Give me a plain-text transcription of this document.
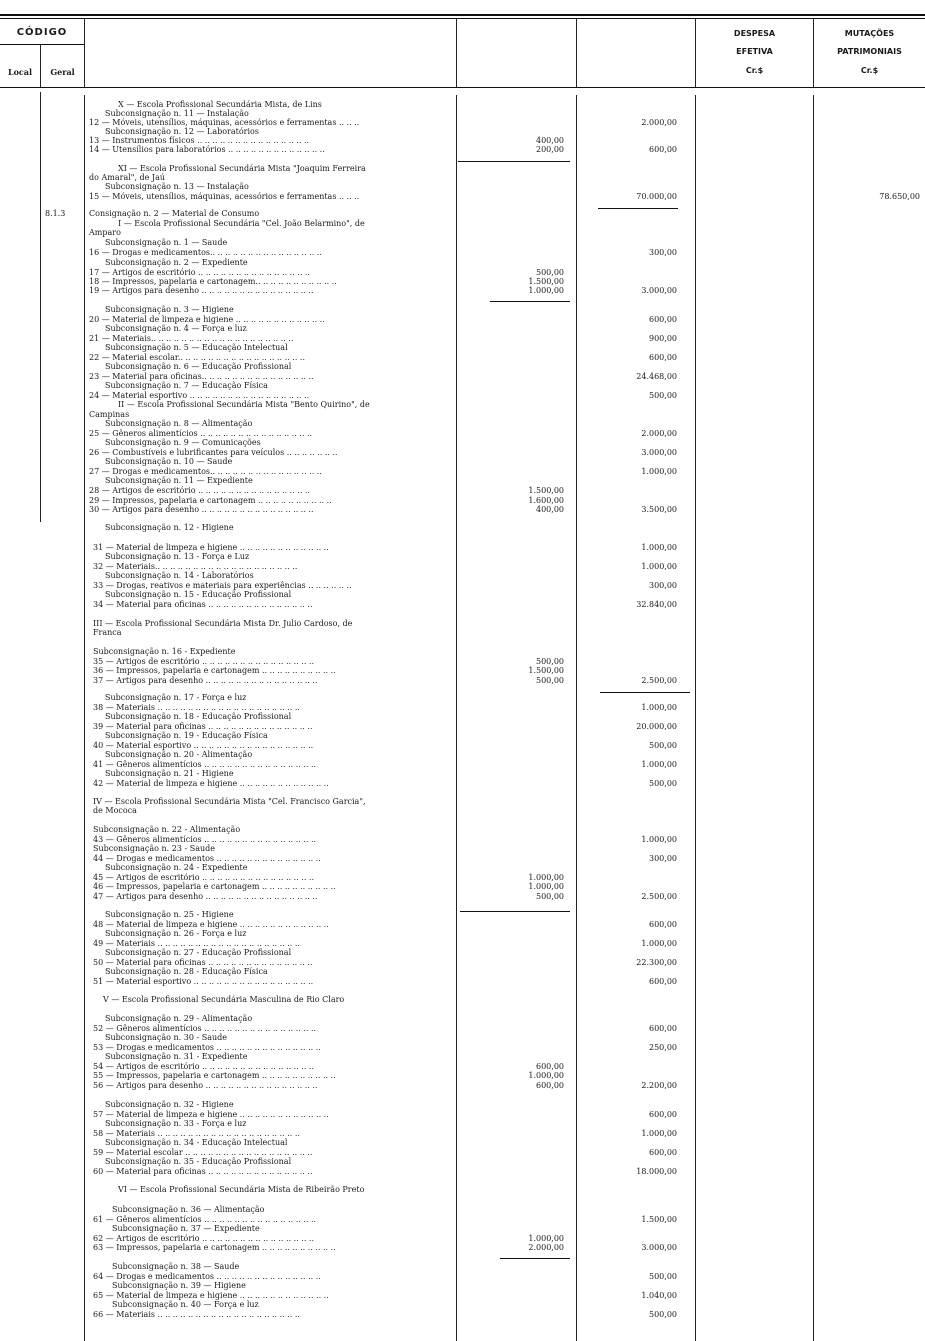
CÓDIGO
Local	Geral
DESPESA
EFETIVA
Cr.$
MUTAÇÕES
PATRIMONIAIS
Cr.$
X — Escola Profissional Secundária Mista, de Lins
Subconsignação n. 11 — Instalação
12 — Móveis, utensílios, máquinas, acessórios e ferramentas .. .. ..	2.000,00
Subconsignação n. 12 — Laboratórios
13 — Instrumentos físicos .. .. .. .. .. .. .. .. .. .. .. .. .. .. ..	400,00
14 — Utensílios para laboratórios .. .. .. .. .. .. .. .. .. .. .. .. ..	200,00	600,00
XI — Escola Profissional Secundária Mista "Joaquim Ferreira
do Amaral", de Jaú
Subconsignação n. 13 — Instalação
15 — Móveis, utensílios, máquinas, acessórios e ferramentas .. .. ..	70.000,00	78.650,00
Consignação n. 2 — Material de Consumo
8.1.3
I — Escola Profissional Secundária "Cel. João Belarmino", de
Amparo
Subconsignação n. 1 — Saude
16 — Drogas e medicamentos.. .. .. .. .. .. .. .. .. .. .. .. .. .. ..	300,00
Subconsignação n. 2 — Expediente
17 — Artigos de escritório .. .. .. .. .. .. .. .. .. .. .. .. .. .. ..	500,00
18 — Impressos, papelaria e cartonagem.. .. .. .. .. .. .. .. .. .. ..	1.500,00
19 — Artigos para desenho .. .. .. .. .. .. .. .. .. .. .. .. .. .. ..	1.000,00	3.000,00
Subconsignação n. 3 — Higiene
20 — Material de limpeza e higiene .. .. .. .. .. .. .. .. .. .. .. ..	600,00
Subconsignação n. 4 — Força e luz
21 — Materiais.. .. .. .. .. .. .. .. .. .. .. .. .. .. .. .. .. .. ..	900,00
Subconsignação n. 5 — Educação Intelectual
22 — Material escolar.. .. .. .. .. .. .. .. .. .. .. .. .. .. .. .. ..	600,00
Subconsignação n. 6 — Educação Profissional
23 — Material para oficinas.. .. .. .. .. .. .. .. .. .. .. .. .. .. ..	24.468,00
Subconsignação n. 7 — Educação Física
24 — Material esportivo .. .. .. .. .. .. .. .. .. .. .. .. .. .. .. ..	500,00
II — Escola Profissional Secundária Mista "Bento Quirino", de
Campinas
Subconsignação n. 8 — Alimentação
25 — Gêneros alimentícios .. .. .. .. .. .. .. .. .. .. .. .. .. .. ..	2.000,00
Subconsignação n. 9 — Comunicações
26 — Combustíveis e lubrificantes para veículos .. .. .. .. .. .. ..	3.000,00
Subconsignação n. 10 — Saude
27 — Drogas e medicamentos.. .. .. .. .. .. .. .. .. .. .. .. .. .. ..	1.000,00
Subconsignação n. 11 — Expediente
28 — Artigos de escritório .. .. .. .. .. .. .. .. .. .. .. .. .. .. ..	1.500,00
29 — Impressos, papelaria e cartonagem .. .. .. .. .. .. .. .. .. ..	1.600,00
30 — Artigos para desenho .. .. .. .. .. .. .. .. .. .. .. .. .. .. ..	400,00	3.500,00
Subconsignação n. 12 - Higiene
31 — Material de limpeza e higiene .. .. .. .. .. .. .. .. .. .. .. ..	1.000,00
Subconsignação n. 13 - Força e Luz
32 — Materiais.. .. .. .. .. .. .. .. .. .. .. .. .. .. .. .. .. .. ..	1.000,00
Subconsignação n. 14 - Laboratórios
33 — Drogas, reativos e materiais para experiências .. .. .. .. .. ..	300,00
Subconsignação n. 15 - Educação Profissional
34 — Material para oficinas .. .. .. .. .. .. .. .. .. .. .. .. .. ..	32.840,00
III — Escola Profissional Secundária Mista Dr. Julio Cardoso, de
Franca
Subconsignação n. 16 - Expediente
35 — Artigos de escritório .. .. .. .. .. .. .. .. .. .. .. .. .. .. ..	500,00
36 — Impressos, papelaria e cartonagem .. .. .. .. .. .. .. .. .. ..	1.500,00
37 — Artigos para desenho .. .. .. .. .. .. .. .. .. .. .. .. .. .. ..	500,00	2.500,00
Subconsignação n. 17 - Força e luz
38 — Materiais .. .. .. .. .. .. .. .. .. .. .. .. .. .. .. .. .. .. ..	1.000,00
Subconsignação n. 18 - Educação Profissional
39 — Material para oficinas .. .. .. .. .. .. .. .. .. .. .. .. .. ..	20.000,00
Subconsignação n. 19 - Educação Física
40 — Material esportivo .. .. .. .. .. .. .. .. .. .. .. .. .. .. .. ..	500,00
Subconsignação n. 20 - Alimentação
41 — Gêneros alimentícios .. .. .. .. .. .. .. .. .. .. .. .. .. .. ..	1.000,00
Subconsignação n. 21 - Higiene
42 — Material de limpeza e higiene .. .. .. .. .. .. .. .. .. .. .. ..	500,00
IV — Escola Profissional Secundária Mista "Cel. Francisco Garcia",
de Mococa
Subconsignação n. 22 - Alimentação
43 — Gêneros alimentícios .. .. .. .. .. .. .. .. .. .. .. .. .. .. ..	1.000,00
Subconsignação n. 23 - Saude
44 — Drogas e medicamentos .. .. .. .. .. .. .. .. .. .. .. .. .. ..	300,00
Subconsignação n. 24 - Expediente
45 — Artigos de escritório .. .. .. .. .. .. .. .. .. .. .. .. .. .. ..	1.000,00
46 — Impressos, papelaria e cartonagem .. .. .. .. .. .. .. .. .. ..	1.000,00
47 — Artigos para desenho .. .. .. .. .. .. .. .. .. .. .. .. .. .. ..	500,00	2.500,00
Subconsignação n. 25 - Higiene
48 — Material de limpeza e higiene .. .. .. .. .. .. .. .. .. .. .. ..	600,00
Subconsignação n. 26 - Força e luz
49 — Materiais .. .. .. .. .. .. .. .. .. .. .. .. .. .. .. .. .. .. ..	1.000,00
Subconsignação n. 27 - Educação Profissional
50 — Material para oficinas .. .. .. .. .. .. .. .. .. .. .. .. .. ..	22.300,00
Subconsignação n. 28 - Educação Física
51 — Material esportivo .. .. .. .. .. .. .. .. .. .. .. .. .. .. .. ..	600,00
V — Escola Profissional Secundária Masculina de Rio Claro
Subconsignação n. 29 - Alimentação
52 — Gêneros alimentícios .. .. .. .. .. .. .. .. .. .. .. .. .. .. ..	600,00
Subconsignação n. 30 - Saude
53 — Drogas e medicamentos .. .. .. .. .. .. .. .. .. .. .. .. .. ..	250,00
Subconsignação n. 31 - Expediente
54 — Artigos de escritório .. .. .. .. .. .. .. .. .. .. .. .. .. .. ..	600,00
55 — Impressos, papelaria e cartonagem .. .. .. .. .. .. .. .. .. ..	1.000,00
56 — Artigos para desenho .. .. .. .. .. .. .. .. .. .. .. .. .. .. ..	600,00	2.200,00
Subconsignação n. 32 - Higiene
57 — Material de limpeza e higiene .. .. .. .. .. .. .. .. .. .. .. ..	600,00
Subconsignação n. 33 - Força e luz
58 — Materiais .. .. .. .. .. .. .. .. .. .. .. .. .. .. .. .. .. .. ..	1.000,00
Subconsignação n. 34 - Educação Intelectual
59 — Material escolar .. .. .. .. .. .. .. .. .. .. .. .. .. .. .. .. ..	600,00
Subconsignação n. 35 - Educação Profissional
60 — Material para oficinas .. .. .. .. .. .. .. .. .. .. .. .. .. ..	18.000,00
VI — Escola Profissional Secundária Mista de Ribeirão Preto
Subconsignação n. 36 — Alimentação
61 — Gêneros alimentícios .. .. .. .. .. .. .. .. .. .. .. .. .. .. ..	1.500,00
Subconsignação n. 37 — Expediente
62 — Artigos de escritório .. .. .. .. .. .. .. .. .. .. .. .. .. .. ..	1.000,00
63 — Impressos, papelaria e cartonagem .. .. .. .. .. .. .. .. .. ..	2.000,00	3.000,00
Subconsignação n. 38 — Saude
64 — Drogas e medicamentos .. .. .. .. .. .. .. .. .. .. .. .. .. ..	500,00
Subconsignação n. 39 — Higiene
65 — Material de limpeza e higiene .. .. .. .. .. .. .. .. .. .. .. ..	1.040,00
Subconsignação n. 40 — Força e luz
66 — Materiais .. .. .. .. .. .. .. .. .. .. .. .. .. .. .. .. .. .. ..	500,00
